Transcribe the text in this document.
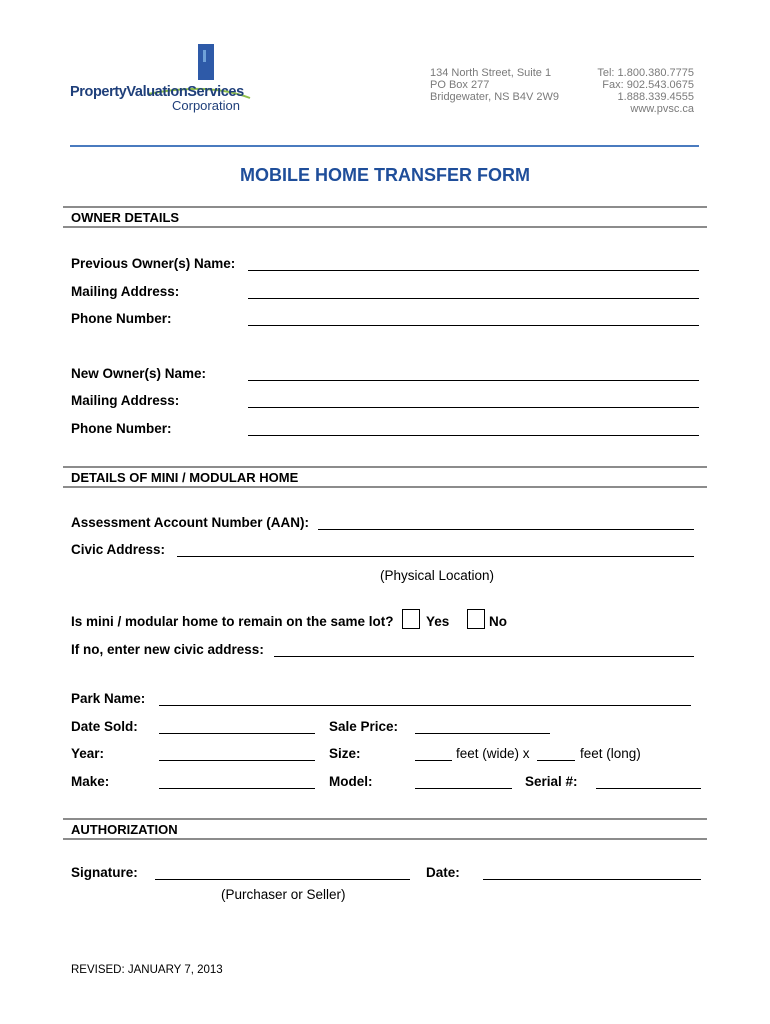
PropertyValuationServices
Corporation
134 North Street, Suite 1
PO Box 277
Bridgewater, NS B4V 2W9
Tel: 1.800.380.7775
Fax: 902.543.0675
1.888.339.4555
www.pvsc.ca
MOBILE HOME TRANSFER FORM
OWNER DETAILS
Previous Owner(s) Name:
Mailing Address:
Phone Number:
New Owner(s) Name:
Mailing Address:
Phone Number:
DETAILS OF MINI / MODULAR HOME
Assessment Account Number (AAN):
Civic Address:
(Physical Location)
Is mini / modular home to remain on the same lot? Yes	No
If no, enter new civic address:
Park Name:
Date Sold:	Sale Price:
Year:	Size:	feet (wide) x	feet (long)
Make:	Model:	Serial #:
AUTHORIZATION
Signature:	Date:
(Purchaser or Seller)
REVISED: JANUARY 7, 2013
